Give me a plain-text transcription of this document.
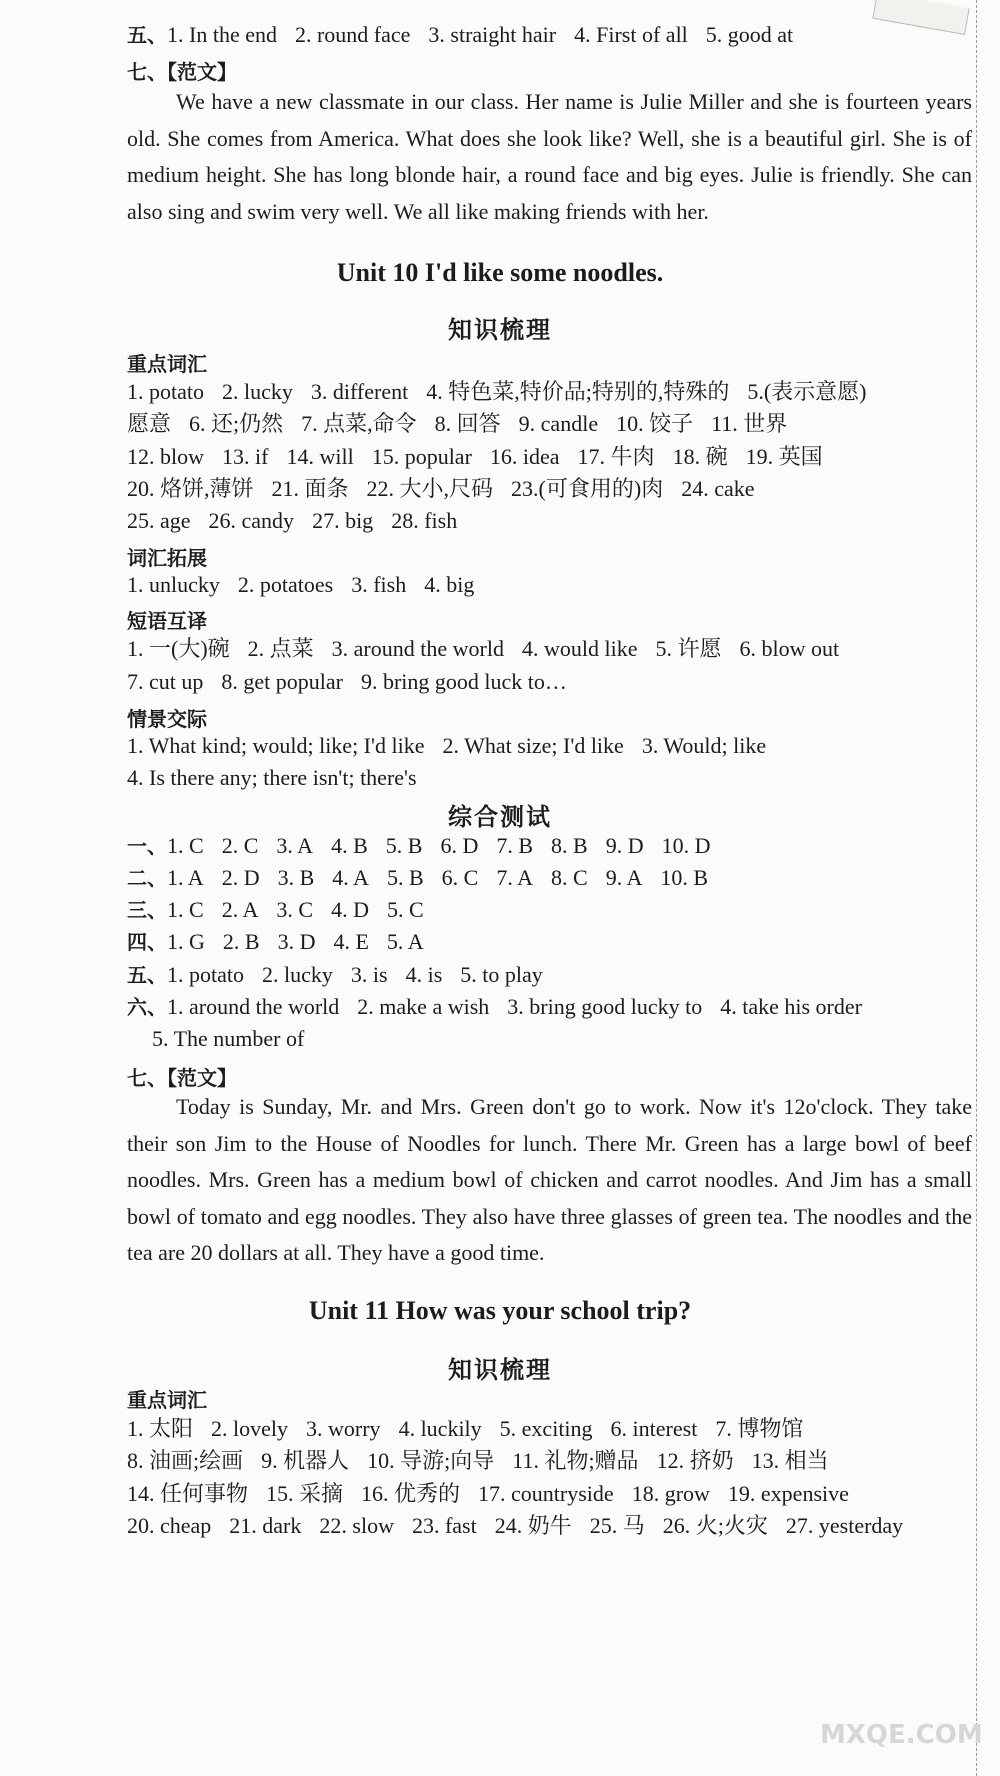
五、1. In the end 2. round face 3. straight hair 4. First of all 5. good at
七、【范文】
We have a new classmate in our class. Her name is Julie Miller and she is fourteen years old. She comes from America. What does she look like? Well, she is a beautiful girl. She is of medium height. She has long blonde hair, a round face and big eyes. Julie is friendly. She can also sing and swim very well. We all like making friends with her.
Unit 10 I'd like some noodles.
知识梳理
重点词汇
1. potato 2. lucky 3. different 4. 特色菜,特价品;特别的,特殊的 5.(表示意愿)
愿意 6. 还;仍然 7. 点菜,命令 8. 回答 9. candle 10. 饺子 11. 世界
12. blow 13. if 14. will 15. popular 16. idea 17. 牛肉 18. 碗 19. 英国
20. 烙饼,薄饼 21. 面条 22. 大小,尺码 23.(可食用的)肉 24. cake
25. age 26. candy 27. big 28. fish
词汇拓展
1. unlucky 2. potatoes 3. fish 4. big
短语互译
1. 一(大)碗 2. 点菜 3. around the world 4. would like 5. 许愿 6. blow out
7. cut up 8. get popular 9. bring good luck to…
情景交际
1. What kind; would; like; I'd like 2. What size; I'd like 3. Would; like
4. Is there any; there isn't; there's
综合测试
一、1. C 2. C 3. A 4. B 5. B 6. D 7. B 8. B 9. D 10. D
二、1. A 2. D 3. B 4. A 5. B 6. C 7. A 8. C 9. A 10. B
三、1. C 2. A 3. C 4. D 5. C
四、1. G 2. B 3. D 4. E 5. A
五、1. potato 2. lucky 3. is 4. is 5. to play
六、1. around the world 2. make a wish 3. bring good lucky to 4. take his order
5. The number of
七、【范文】
Today is Sunday, Mr. and Mrs. Green don't go to work. Now it's 12o'clock. They take their son Jim to the House of Noodles for lunch. There Mr. Green has a large bowl of beef noodles. Mrs. Green has a medium bowl of chicken and carrot noodles. And Jim has a small bowl of tomato and egg noodles. They also have three glasses of green tea. The noodles and the tea are 20 dollars at all. They have a good time.
Unit 11 How was your school trip?
知识梳理
重点词汇
1. 太阳 2. lovely 3. worry 4. luckily 5. exciting 6. interest 7. 博物馆
8. 油画;绘画 9. 机器人 10. 导游;向导 11. 礼物;赠品 12. 挤奶 13. 相当
14. 任何事物 15. 采摘 16. 优秀的 17. countryside 18. grow 19. expensive
20. cheap 21. dark 22. slow 23. fast 24. 奶牛 25. 马 26. 火;火灾 27. yesterday
MXQE.COM
